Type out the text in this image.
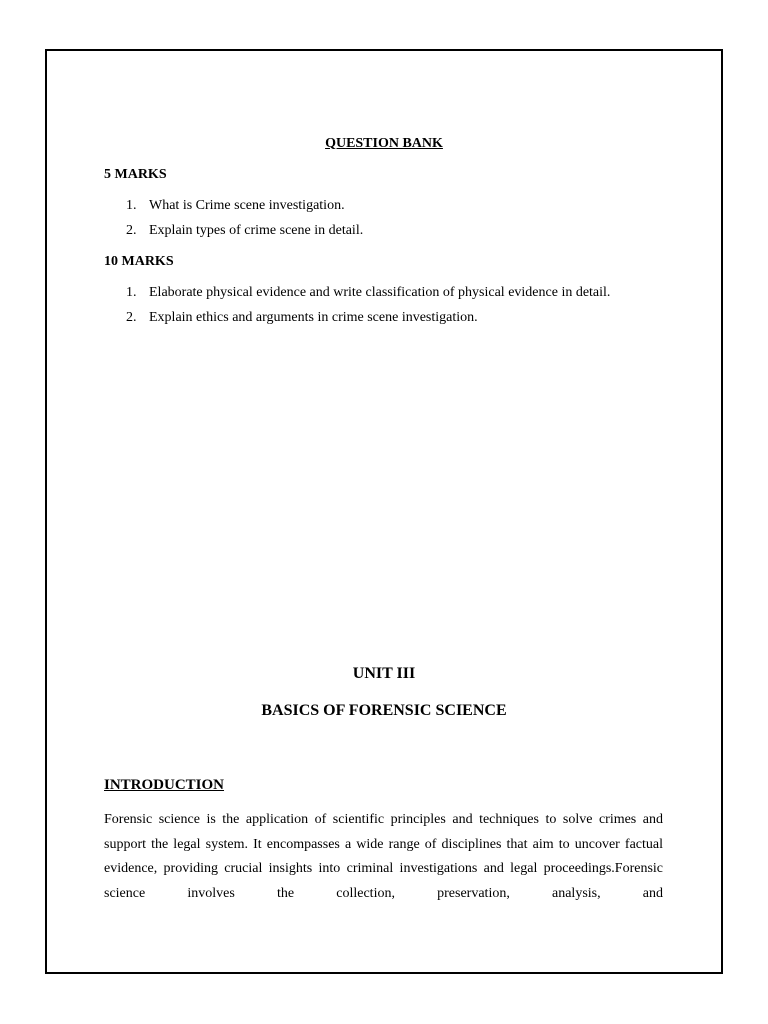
QUESTION BANK
5 MARKS
1. What is Crime scene investigation.
2. Explain types of crime scene in detail.
10 MARKS
1. Elaborate physical evidence and write classification of physical evidence in detail.
2. Explain ethics and arguments in crime scene investigation.
UNIT III
BASICS OF FORENSIC SCIENCE
INTRODUCTION

Forensic science is the application of scientific principles and techniques to solve crimes and support the legal system. It encompasses a wide range of disciplines that aim to uncover factual evidence, providing crucial insights into criminal investigations and legal proceedings.Forensic science involves the collection, preservation, analysis, and
